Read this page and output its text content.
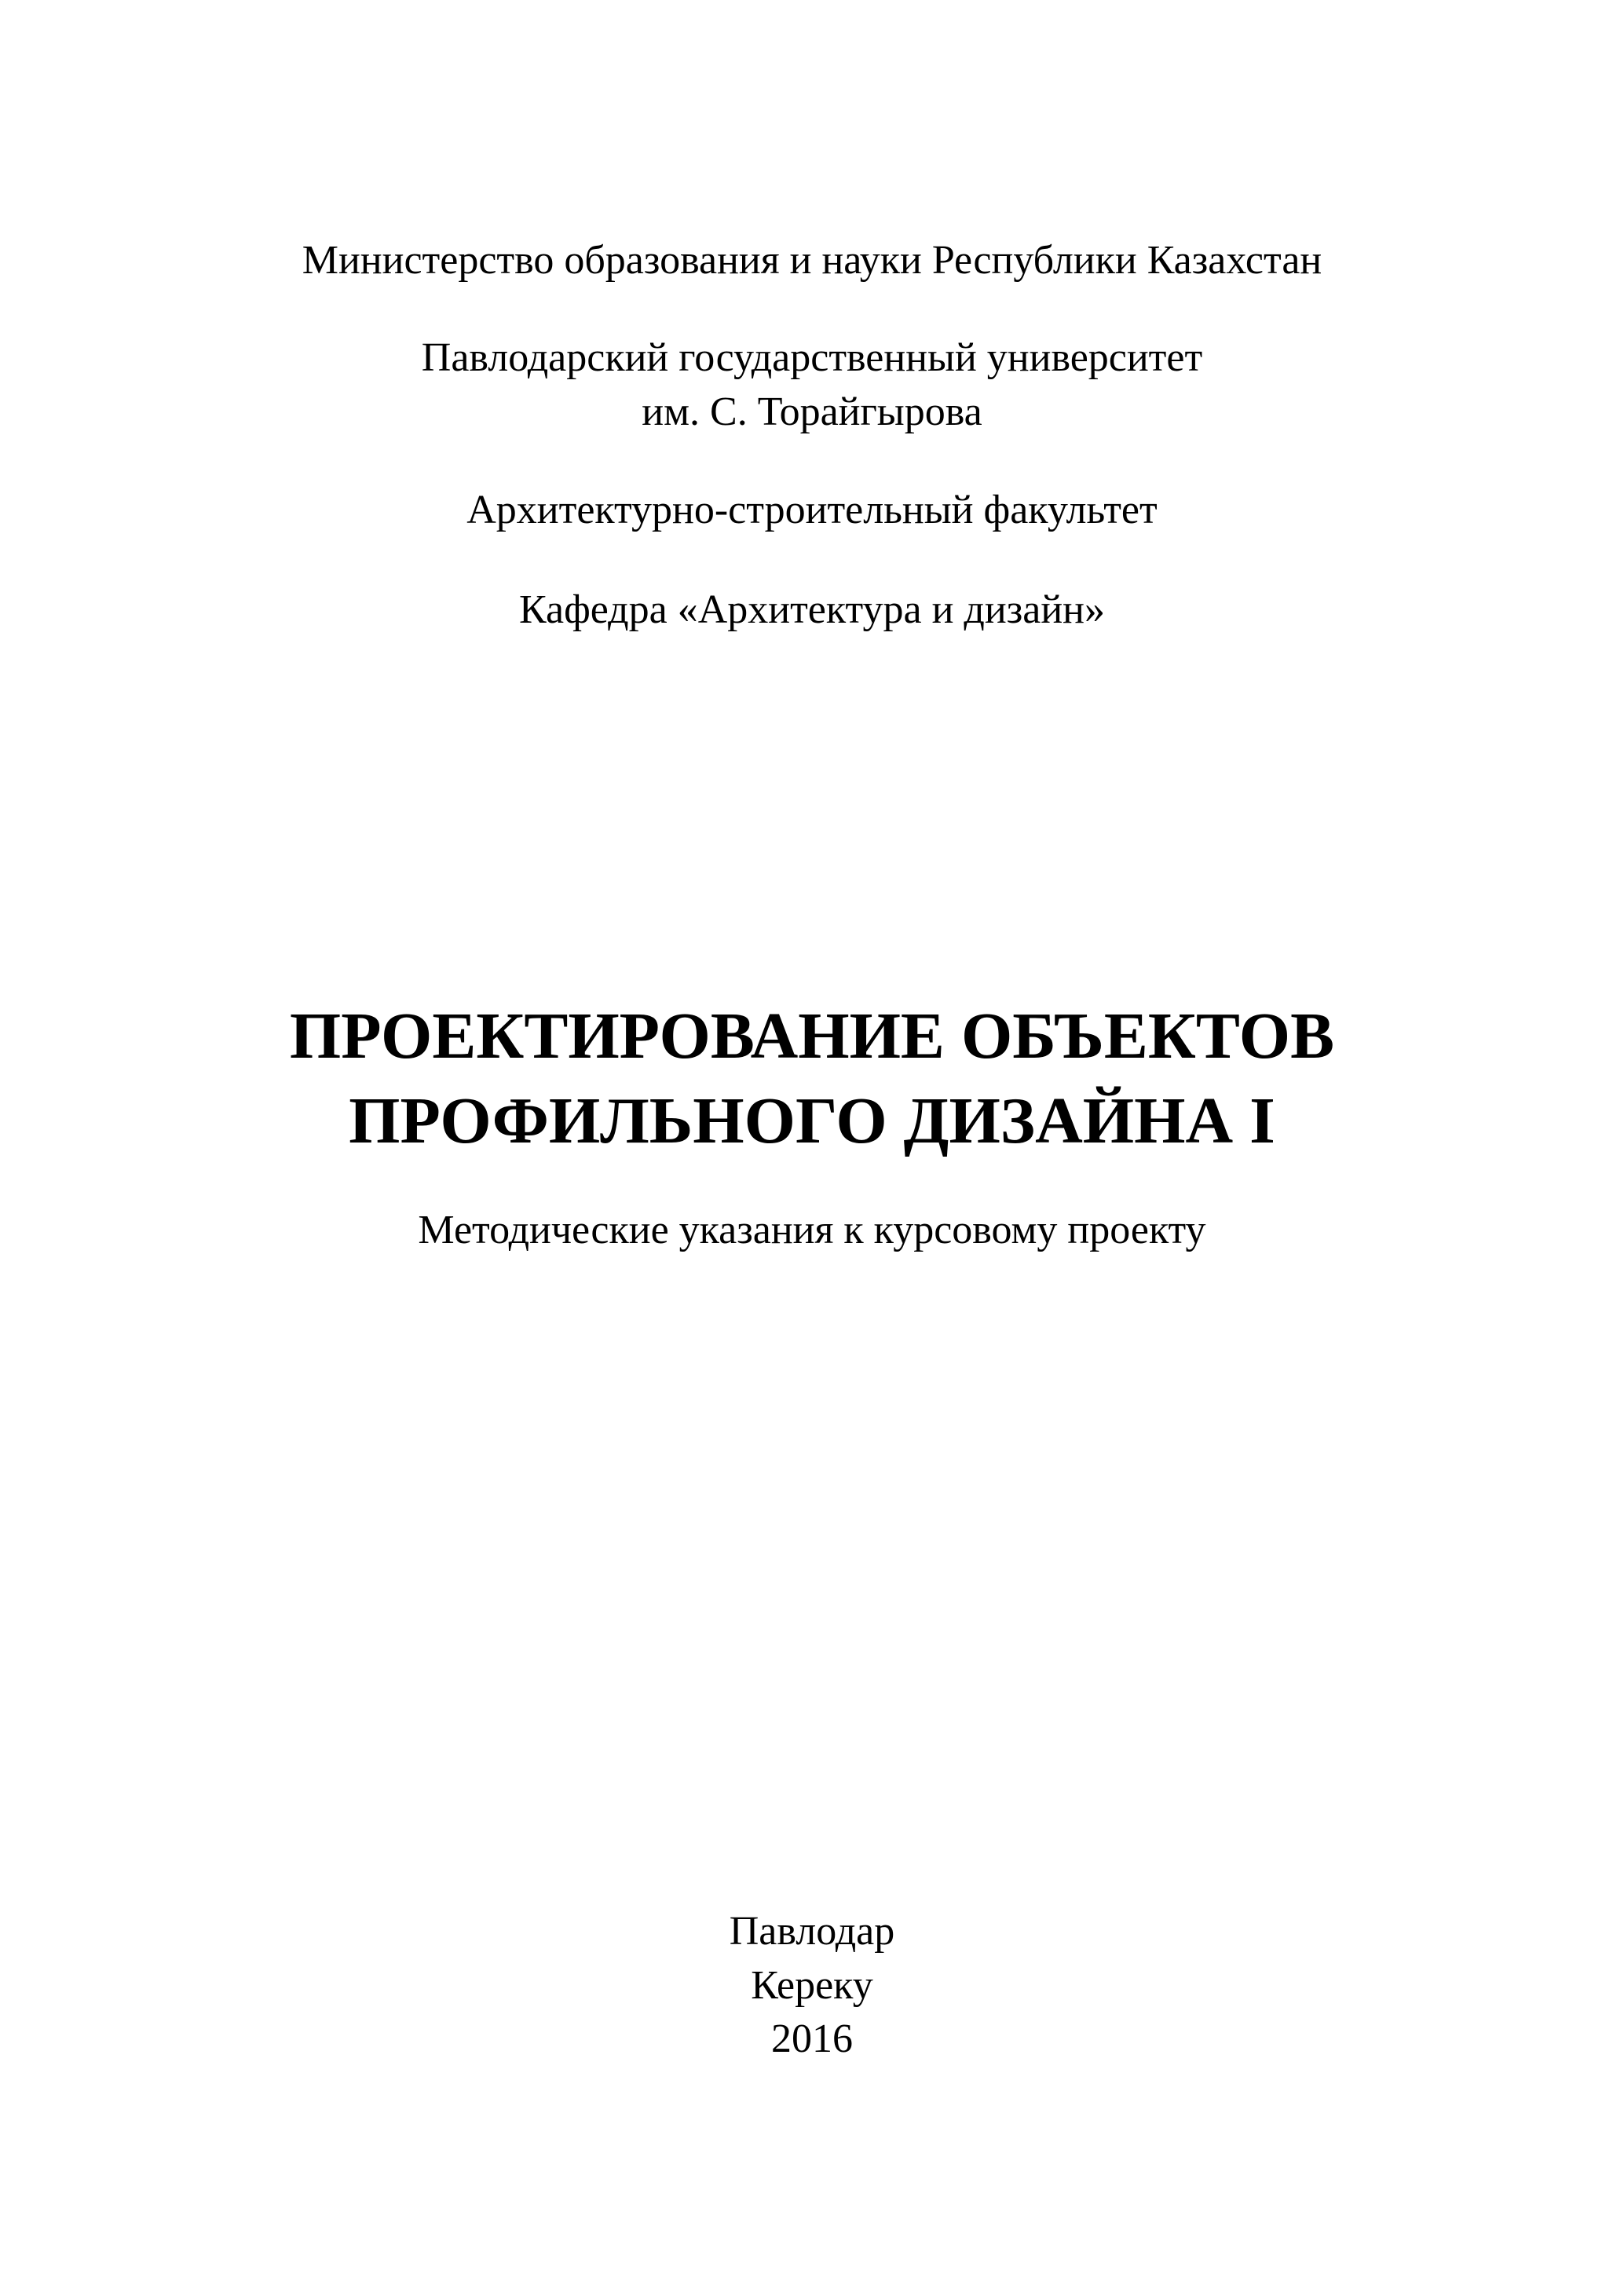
Министерство образования и науки Республики Казахстан
Павлодарский государственный университет
им. С. Торайгырова
Архитектурно-строительный факультет
Кафедра «Архитектура и дизайн»
ПРОЕКТИРОВАНИЕ ОБЪЕКТОВ
ПРОФИЛЬНОГО ДИЗАЙНА I
Методические указания к курсовому проекту
Павлодар
Кереку
2016
